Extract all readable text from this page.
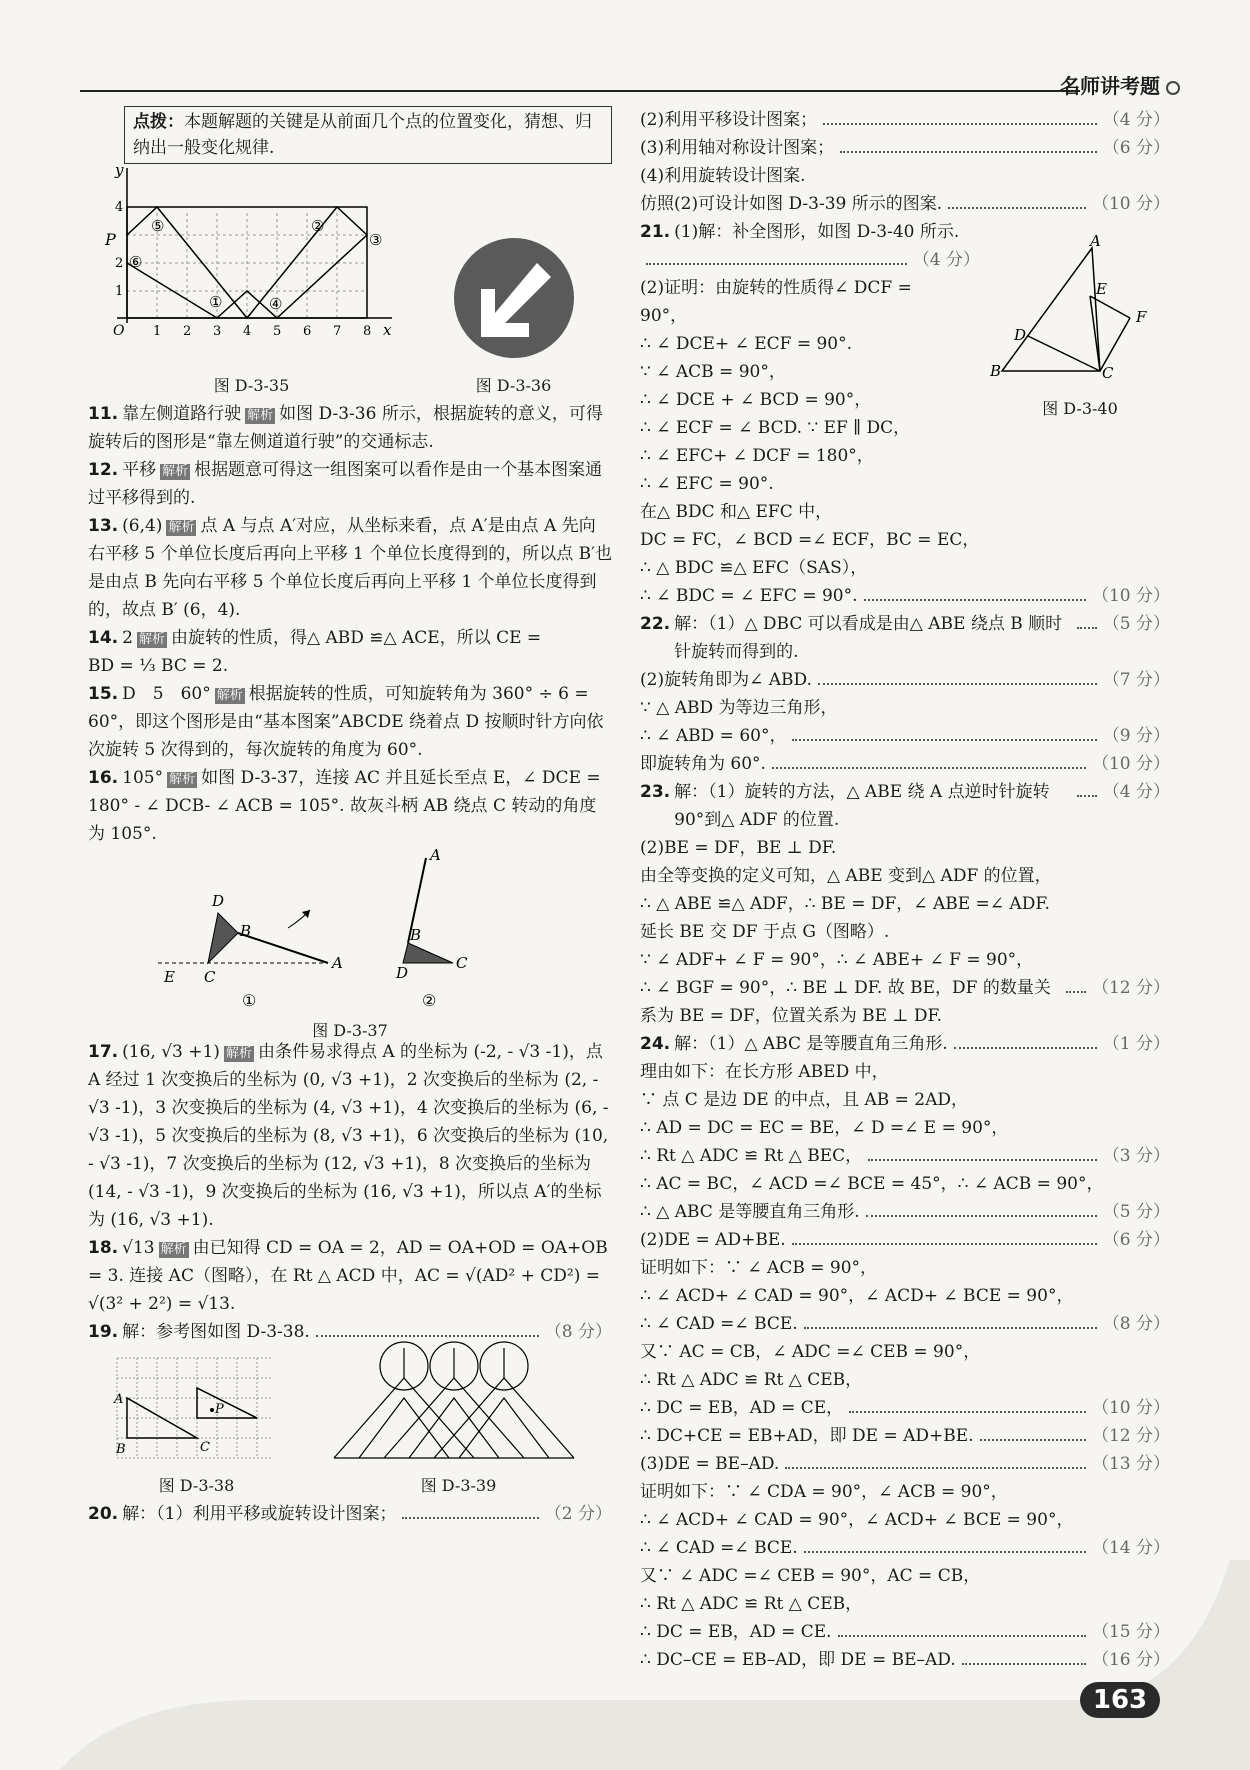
名师讲考题
点拨：本题解题的关键是从前面几个点的位置变化，猜想、归纳出一般变化规律.
y
x
O
P
1 2 3 4 5 6 7 8
1
2
4
①
②
③
④
⑤
⑥
图 D-3-35	图 D-3-36

11. 靠左侧道路行驶 解析 如图 D-3-36 所示，根据旋转的意义，可得旋转后的图形是“靠左侧道道行驶”的交通标志.

12. 平移 解析 根据题意可得这一组图案可以看作是由一个基本图案通过平移得到的.

13. (6,4) 解析 点 A 与点 A′对应，从坐标来看，点 A′是由点 A 先向右平移 5 个单位长度后再向上平移 1 个单位长度得到的，所以点 B′也是由点 B 先向右平移 5 个单位长度后再向上平移 1 个单位长度得到的，故点 B′ (6，4).

14. 2 解析 由旋转的性质，得△ ABD ≌△ ACE，所以 CE =
BD = ⅓ BC = 2.

15. D　5　60° 解析 根据旋转的性质，可知旋转角为 360° ÷ 6 = 60°，即这个图形是由“基本图案”ABCDE 绕着点 D 按顺时针方向依次旋转 5 次得到的，每次旋转的角度为 60°.

16. 105° 解析 如图 D-3-37，连接 AC 并且延长至点 E，∠ DCE = 180° - ∠ DCB- ∠ ACB = 105°. 故灰斗柄 AB 绕点 C 转动的角度为 105°.

D
B
A
E C
①
A
B
D
C
②
图 D-3-37

17. (16, √3 +1) 解析 由条件易求得点 A 的坐标为 (-2, - √3 -1)，点 A 经过 1 次变换后的坐标为 (0, √3 +1)，2 次变换后的坐标为 (2, - √3 -1)，3 次变换后的坐标为 (4, √3 +1)，4 次变换后的坐标为 (6, - √3 -1)，5 次变换后的坐标为 (8, √3 +1)，6 次变换后的坐标为 (10, - √3 -1)，7 次变换后的坐标为 (12, √3 +1)，8 次变换后的坐标为 (14, - √3 -1)，9 次变换后的坐标为 (16, √3 +1)，所以点 A′的坐标为 (16, √3 +1).

18. √13 解析 由已知得 CD = OA = 2，AD = OA+OD = OA+OB = 3. 连接 AC（图略），在 Rt △ ACD 中，AC = √(AD² + CD²) = √(3² + 2²) = √13.

19. 解：参考图如图 D-3-38.	（8 分）
A
B	C
P
图 D-3-38	图 D-3-39
20. 解：（1）利用平移或旋转设计图案；	（2 分）
(2)利用平移设计图案；	（4 分）
(3)利用轴对称设计图案；	（6 分）
(4)利用旋转设计图案.
仿照(2)可设计如图 D-3-39 所示的图案.	（10 分）
21. (1)解：补全图形，如图 D-3-40 所示.
（4 分）
(2)证明：由旋转的性质得∠ DCF =
90°，
∴ ∠ DCE+ ∠ ECF = 90°.
∵ ∠ ACB = 90°，
∴ ∠ DCE + ∠ BCD = 90°，
∴ ∠ ECF = ∠ BCD. ∵ EF ∥ DC，
∴ ∠ EFC+ ∠ DCF = 180°，
∴ ∠ EFC = 90°.
在△ BDC 和△ EFC 中，
DC = FC，∠ BCD =∠ ECF，BC = EC，
∴ △ BDC ≌△ EFC（SAS），
∴ ∠ BDC = ∠ EFC = 90°.	（10 分）
A
E
F
D
B	C
图 D-3-40
22. 解：（1）△ DBC 可以看成是由△ ABE 绕点 B 顺时针旋转而得到的.
（5 分）
(2)旋转角即为∠ ABD.	（7 分）
∵ △ ABD 为等边三角形，
∴ ∠ ABD = 60°，	（9 分）
即旋转角为 60°.	（10 分）
23. 解：（1）旋转的方法，△ ABE 绕 A 点逆时针旋转 90°到△ ADF 的位置.
（4 分）
(2)BE = DF，BE ⊥ DF.
由全等变换的定义可知，△ ABE 变到△ ADF 的位置，
∴ △ ABE ≌△ ADF，∴ BE = DF，∠ ABE =∠ ADF.
延长 BE 交 DF 于点 G（图略）.
∵ ∠ ADF+ ∠ F = 90°，∴ ∠ ABE+ ∠ F = 90°，
∴ ∠ BGF = 90°，∴ BE ⊥ DF. 故 BE，DF 的数量关系为 BE = DF，位置关系为 BE ⊥ DF.
（12 分）
24. 解：（1）△ ABC 是等腰直角三角形.	（1 分）
理由如下：在长方形 ABED 中，
∵ 点 C 是边 DE 的中点，且 AB = 2AD，
∴ AD = DC = EC = BE，∠ D =∠ E = 90°，
∴ Rt △ ADC ≌ Rt △ BEC，	（3 分）
∴ AC = BC，∠ ACD =∠ BCE = 45°，∴ ∠ ACB = 90°，
∴ △ ABC 是等腰直角三角形.	（5 分）
(2)DE = AD+BE.	（6 分）
证明如下：∵ ∠ ACB = 90°，
∴ ∠ ACD+ ∠ CAD = 90°，∠ ACD+ ∠ BCE = 90°，
∴ ∠ CAD =∠ BCE.	（8 分）
又∵ AC = CB，∠ ADC =∠ CEB = 90°，
∴ Rt △ ADC ≌ Rt △ CEB，
∴ DC = EB，AD = CE，	（10 分）
∴ DC+CE = EB+AD，即 DE = AD+BE.	（12 分）
(3)DE = BE–AD.	（13 分）
证明如下：∵ ∠ CDA = 90°，∠ ACB = 90°，
∴ ∠ ACD+ ∠ CAD = 90°，∠ ACD+ ∠ BCE = 90°，
∴ ∠ CAD =∠ BCE.	（14 分）
又∵ ∠ ADC =∠ CEB = 90°，AC = CB，
∴ Rt △ ADC ≌ Rt △ CEB，
∴ DC = EB，AD = CE.	（15 分）
∴ DC–CE = EB–AD，即 DE = BE–AD.	（16 分）
163
